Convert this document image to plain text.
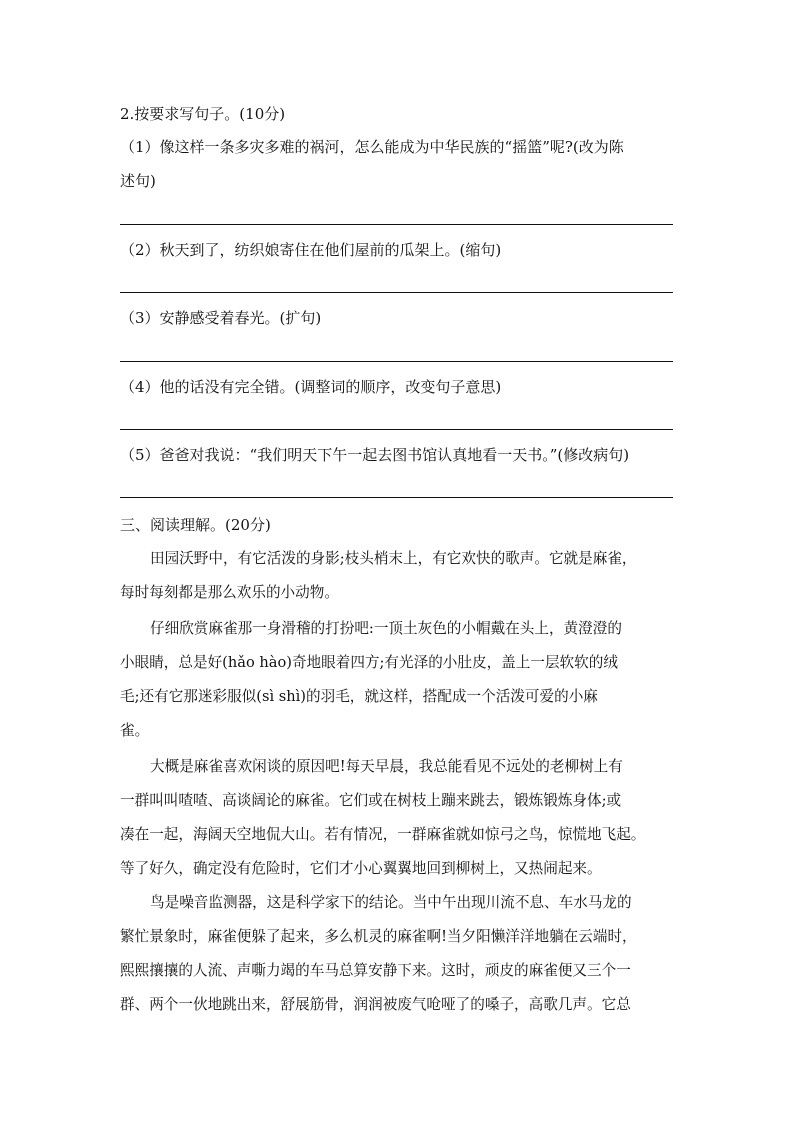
2.按要求写句子。(10分)
（1）像这样一条多灾多难的祸河，怎么能成为中华民族的“摇篮”呢?(改为陈
述句)
（2）秋天到了，纺织娘寄住在他们屋前的瓜架上。(缩句)
（3）安静感受着春光。(扩句)
（4）他的话没有完全错。(调整词的顺序，改变句子意思)
（5）爸爸对我说：“我们明天下午一起去图书馆认真地看一天书。”(修改病句)
三、阅读理解。(20分)
田园沃野中，有它活泼的身影;枝头梢末上，有它欢快的歌声。它就是麻雀，
每时每刻都是那么欢乐的小动物。
仔细欣赏麻雀那一身滑稽的打扮吧:一顶土灰色的小帽戴在头上，黄澄澄的
小眼睛，总是好(hǎo hào)奇地眼着四方;有光泽的小肚皮，盖上一层软软的绒
毛;还有它那迷彩服似(sì shì)的羽毛，就这样，搭配成一个活泼可爱的小麻
雀。
大概是麻雀喜欢闲谈的原因吧!每天早晨，我总能看见不远处的老柳树上有
一群叫叫喳喳、高谈阔论的麻雀。它们或在树枝上蹦来跳去，锻炼锻炼身体;或
凑在一起，海阔天空地侃大山。若有情况，一群麻雀就如惊弓之鸟，惊慌地飞起。
等了好久，确定没有危险时，它们才小心翼翼地回到柳树上，又热闹起来。
鸟是噪音监测器，这是科学家下的结论。当中午出现川流不息、车水马龙的
繁忙景象时，麻雀便躲了起来，多么机灵的麻雀啊!当夕阳懒洋洋地躺在云端时，
熙熙攘攘的人流、声嘶力竭的车马总算安静下来。这时，顽皮的麻雀便又三个一
群、两个一伙地跳出来，舒展筋骨，润润被废气呛哑了的嗓子，高歌几声。它总
